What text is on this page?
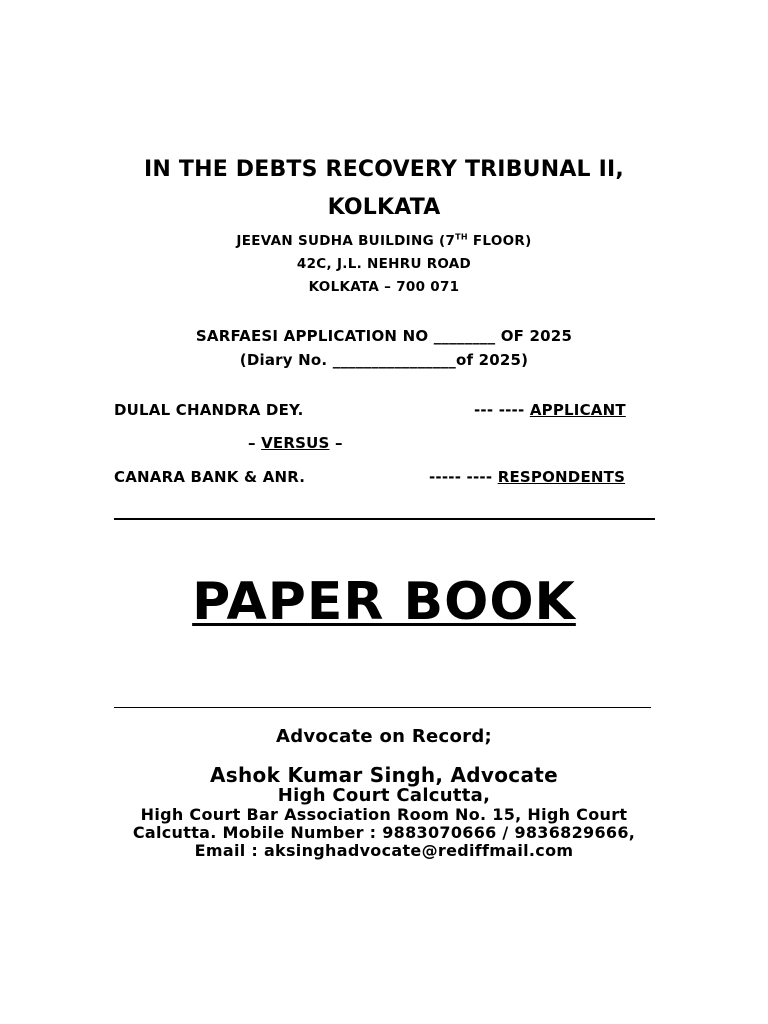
IN THE DEBTS RECOVERY TRIBUNAL II,
KOLKATA
JEEVAN SUDHA BUILDING (7TH FLOOR)
42C, J.L. NEHRU ROAD
KOLKATA – 700 071
SARFAESI APPLICATION NO ________ OF 2025
(Diary No. ________________of 2025)
DULAL CHANDRA DEY.	--- ---- APPLICANT
– VERSUS –
CANARA BANK & ANR.	----- ---- RESPONDENTS
PAPER BOOK
Advocate on Record;
Ashok Kumar Singh, Advocate
High Court Calcutta,
High Court Bar Association Room No. 15, High Court
Calcutta. Mobile Number : 9883070666 / 9836829666,
Email : aksinghadvocate@rediffmail.com
